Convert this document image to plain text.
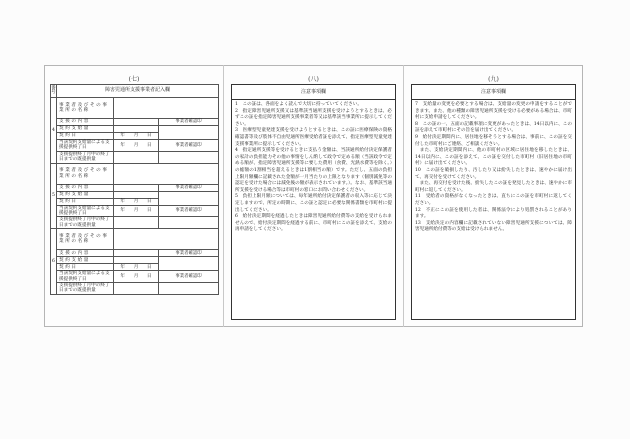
(七)
番号	障害児通所支援事業者記入欄		
4	事業者及びその事業所の名称		
	支援の内容		事業者確認印
	契約支給量		
	契約日	年 月 日	

	当該契約支給量による支援提供終了日	年 月 日	事業者確認印
	支援提供終了月中の終了日までの既提供量		
5	事業者及びその事業所の名称		
	支援の内容		事業者確認印
	契約支給量		
	契約日	年 月 日	

	当該契約支給量による支援提供終了日	年 月 日	事業者確認印
	支援提供終了月中の終了日までの既提供量		
6	事業者及びその事業所の名称		
	支援の内容		事業者確認印
	契約支給量		
	契約日	年 月 日	

	当該契約支給量による支援提供終了日	年 月 日	事業者確認印
	支援提供終了月中の終了日までの既提供量		
(八)
注意事項欄

1　この証は、各面をよく読んで大切に持っていてください。

2　指定障害児通所支援又は基準該当通所支援を受けようとするときは、必ずこの証を指定障害児通所支援事業者等又は基準該当事業所に提示してください。

3　医療型児童発達支援を受けようとするときは、この証に医療保険の資格確認書等及び肢体不自由児通所医療受給者証を添えて、指定医療型児童発達支援事業所に提示してください。

4　指定通所支援等を受けるときに支払う金額は、当該通所給付決定保護者の家計の負担能力その他の事情をしん酌して政令で定める額（当該政令で定める額が、指定障害児通所支援等に要した費用（食費、光熱水費等を除く。）の総額の1割相当を超えるときは1割相当の額）です。ただし、五面の負担上限月額欄に記載された金額が一月当たりの上限となります（個別減免等の認定を受けた場合には減免後の額が表示されています。）。なお、基準該当通所支援を受ける場合等は市町村の窓口にお問い合わせください。

5　負担上限月額については、毎年通所給付決定保護者の収入等に応じて決定しますので、所定の時期に、この証と認定に必要な関係書類を市町村に提出してください。

6　給付決定期間を経過したときは障害児通所給付費等の支給を受けられませんので、給付決定期間を経過する前に、市町村にこの証を添えて、支給の再申請をしてください。

(九)
注意事項欄

7　支給量の変更を必要とする場合は、支給量の変更の申請をすることができます。また、他の種類の障害児通所支援を受ける必要がある場合は、市町村に支給申請をしてください。

8　この証の一、五面の記載事項に変更があったときは、14日以内に、この証を添えて市町村にその旨を届け出てください。

9　給付決定期間内に、居住地を移そうとする場合は、事前に、この証を交付した市町村にご連絡、ご相談ください。

　また、支給決定期間内に、他の市町村の区域に居住地を移したときは、14日以内に、この証を添えて、この証を交付した市町村（旧居住地の市町村）に届け出てください。

10　この証を破損したり、汚したり又は紛失したときは、速やかに届け出て、再交付を受けてください。

　また、再交付を受けた後、紛失したこの証を発見したときは、速やかに市町村に返してください。

11　受給者の資格がなくなったときは、直ちにこの証を市町村に返してください。

12　不正にこの証を使用した者は、関係法令により処罰されることがあります。

13　支給決定の内容欄に記載されていない障害児通所支援については、障害児通所給付費等の支給は受けられません。
